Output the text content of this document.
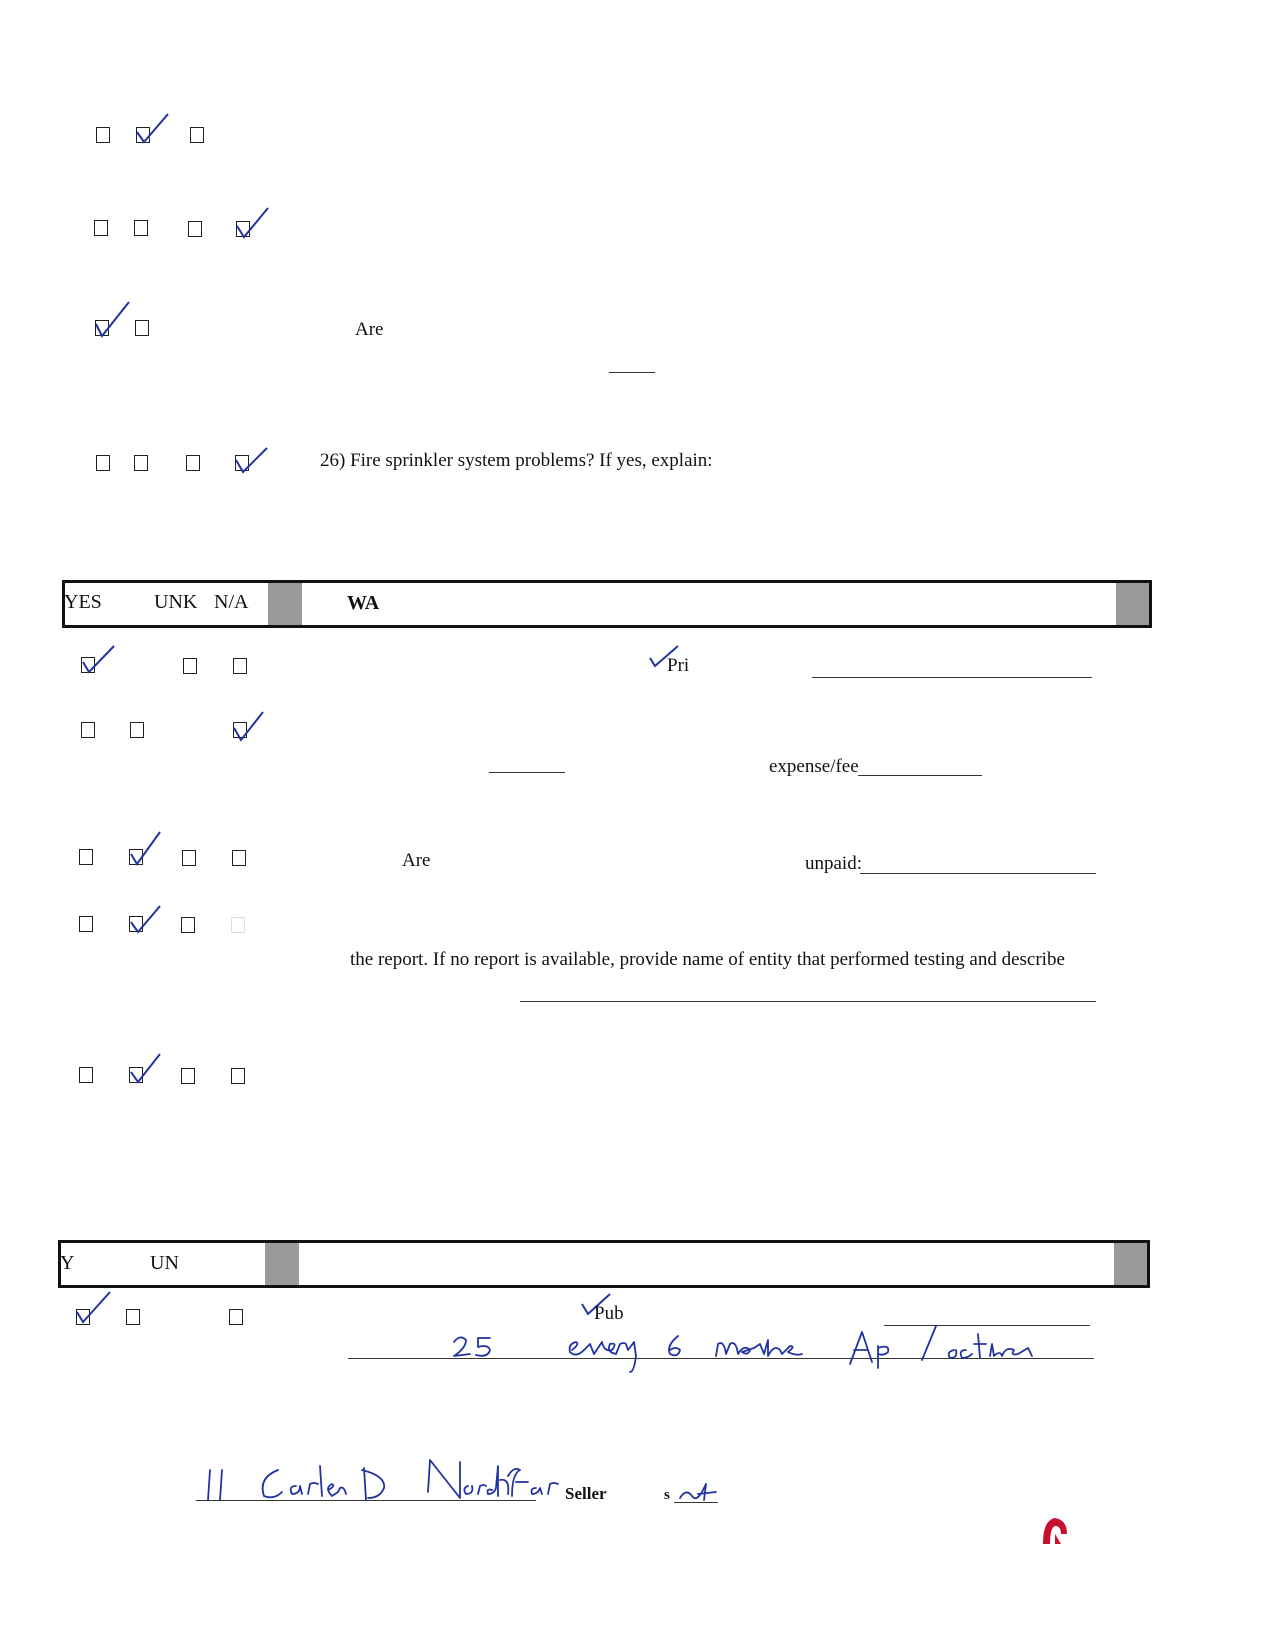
Are
26) Fire sprinkler system problems? If yes, explain:
YES	UNK N/A	WA
Pri
expense/fee
Are	unpaid:
the report. If no report is available, provide name of entity that performed testing and describe
Y	UN
Pub
Seller	s
